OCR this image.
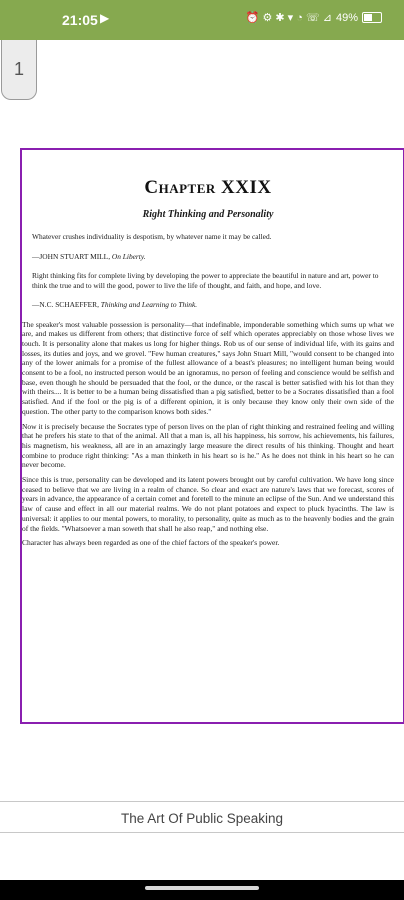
21:05 ▶	⏰ ⚙ ✱ ▾ ◔ ☏ ⊿ 49%
1
Chapter XXIX
Right Thinking and Personality

Whatever crushes individuality is despotism, by whatever name it may be called.

—JOHN STUART MILL, On Liberty.

Right thinking fits for complete living by developing the power to appreciate the beautiful in nature and art, power to think the true and to will the good, power to live the life of thought, and faith, and hope, and love.

—N.C. SCHAEFFER, Thinking and Learning to Think.

The speaker's most valuable possession is personality—that indefinable, imponderable something which sums up what we are, and makes us different from others; that distinctive force of self which operates appreciably on those whose lives we touch. It is personality alone that makes us long for higher things. Rob us of our sense of individual life, with its gains and losses, its duties and joys, and we grovel. "Few human creatures," says John Stuart Mill, "would consent to be changed into any of the lower animals for a promise of the fullest allowance of a beast's pleasures; no intelligent human being would consent to be a fool, no instructed person would be an ignoramus, no person of feeling and conscience would be selfish and base, even though he should be persuaded that the fool, or the dunce, or the rascal is better satisfied with his lot than they with theirs.... It is better to be a human being dissatisfied than a pig satisfied, better to be a Socrates dissatisfied than a fool satisfied. And if the fool or the pig is of a different opinion, it is only because they know only their own side of the question. The other party to the comparison knows both sides."

Now it is precisely because the Socrates type of person lives on the plan of right thinking and restrained feeling and willing that he prefers his state to that of the animal. All that a man is, all his happiness, his sorrow, his achievements, his failures, his magnetism, his weakness, all are in an amazingly large measure the direct results of his thinking. Thought and heart combine to produce right thinking: "As a man thinketh in his heart so is he." As he does not think in his heart so he can never become.

Since this is true, personality can be developed and its latent powers brought out by careful cultivation. We have long since ceased to believe that we are living in a realm of chance. So clear and exact are nature's laws that we forecast, scores of years in advance, the appearance of a certain comet and foretell to the minute an eclipse of the Sun. And we understand this law of cause and effect in all our material realms. We do not plant potatoes and expect to pluck hyacinths. The law is universal: it applies to our mental powers, to morality, to personality, quite as much as to the heavenly bodies and the grain of the fields. "Whatsoever a man soweth that shall he also reap," and nothing else.

Character has always been regarded as one of the chief factors of the speaker's power.

The Art Of Public Speaking
